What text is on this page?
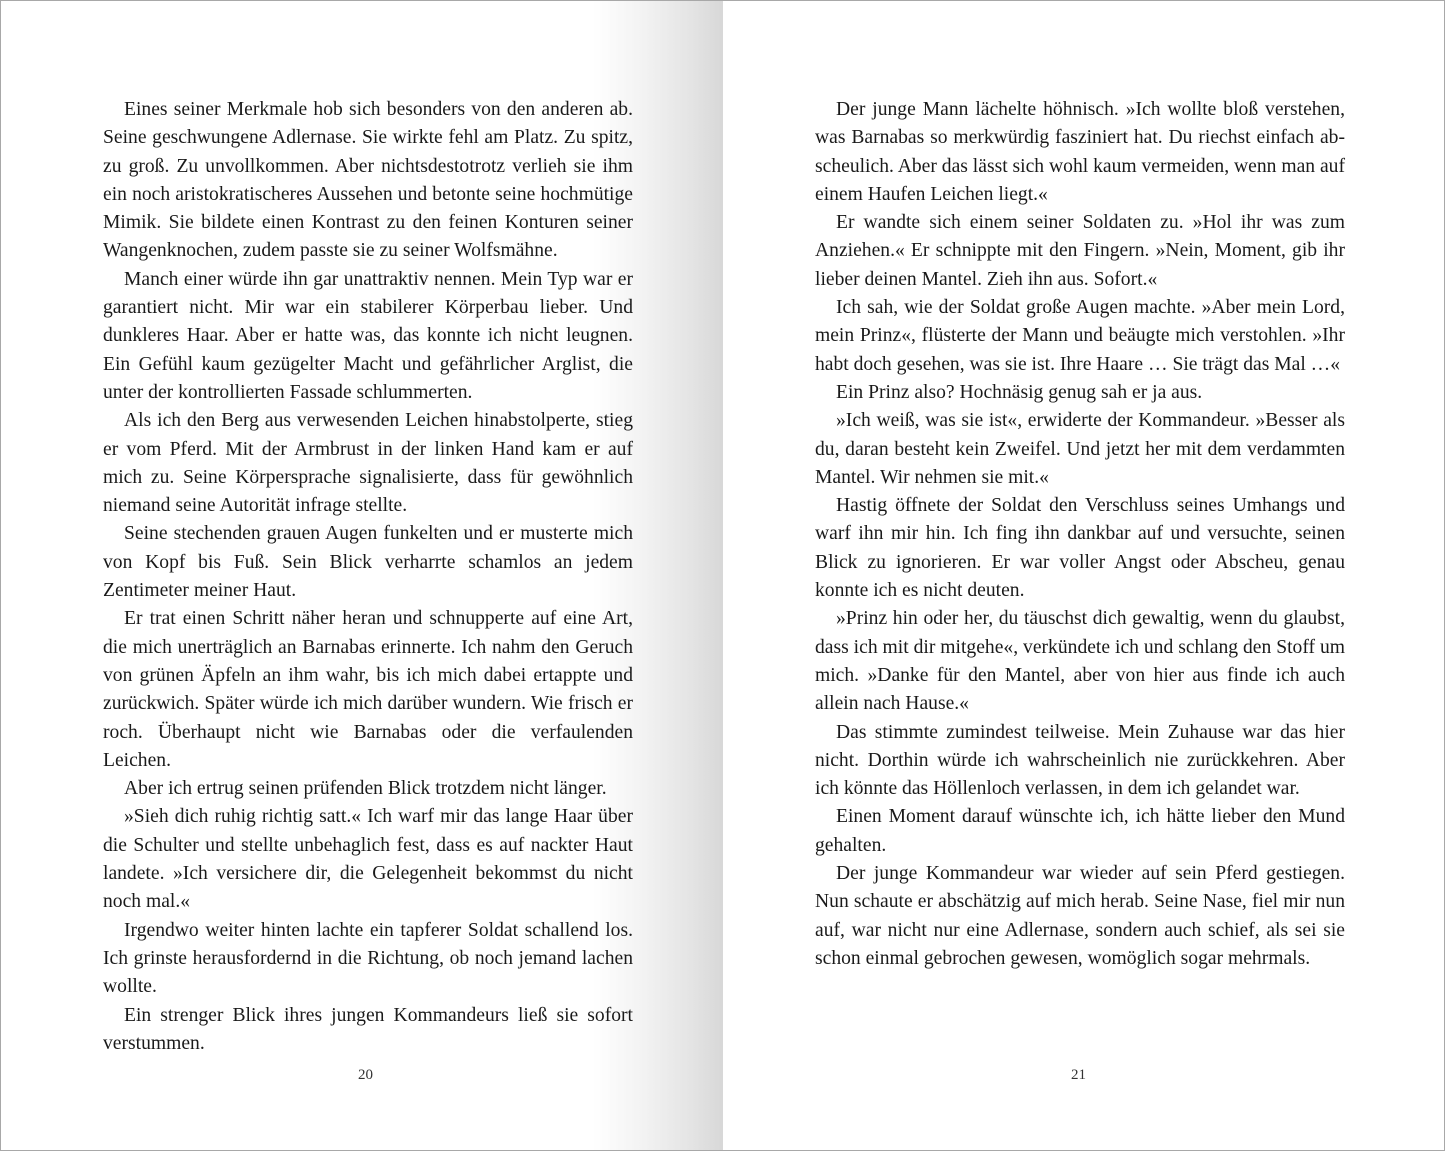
Eines seiner Merkmale hob sich besonders von den anderen ab. Seine geschwungene Adlernase. Sie wirkte fehl am Platz. Zu spitz, zu groß. Zu unvollkommen. Aber nichtsdestotrotz verlieh sie ihm ein noch aristokratischeres Aussehen und betonte seine hochmütige Mimik. Sie bildete einen Kontrast zu den feinen Konturen seiner Wangenknochen, zudem passte sie zu seiner Wolfsmähne.

Manch einer würde ihn gar unattraktiv nennen. Mein Typ war er garantiert nicht. Mir war ein stabilerer Körperbau lieber. Und dunkleres Haar. Aber er hatte was, das konnte ich nicht leugnen. Ein Gefühl kaum gezügelter Macht und gefährlicher Arglist, die unter der kontrollierten Fassade schlummerten.

Als ich den Berg aus verwesenden Leichen hinabstolperte, stieg er vom Pferd. Mit der Armbrust in der linken Hand kam er auf mich zu. Seine Körpersprache signalisierte, dass für gewöhnlich niemand seine Autorität infrage stellte.

Seine stechenden grauen Augen funkelten und er musterte mich von Kopf bis Fuß. Sein Blick verharrte schamlos an jedem Zentimeter meiner Haut.

Er trat einen Schritt näher heran und schnupperte auf eine Art, die mich unerträglich an Barnabas erinnerte. Ich nahm den Geruch von grünen Äpfeln an ihm wahr, bis ich mich dabei ertappte und zurückwich. Später würde ich mich darüber wundern. Wie frisch er roch. Überhaupt nicht wie Barnabas oder die verfaulenden Leichen.

Aber ich ertrug seinen prüfenden Blick trotzdem nicht länger.

»Sieh dich ruhig richtig satt.« Ich warf mir das lange Haar über die Schulter und stellte unbehaglich fest, dass es auf nackter Haut landete. »Ich versichere dir, die Gelegenheit bekommst du nicht noch mal.«

Irgendwo weiter hinten lachte ein tapferer Soldat schallend los. Ich grinste herausfordernd in die Richtung, ob noch jemand lachen wollte.

Ein strenger Blick ihres jungen Kommandeurs ließ sie sofort verstummen.

20

Der junge Mann lächelte höhnisch. »Ich wollte bloß verstehen, was Barnabas so merkwürdig fasziniert hat. Du riechst einfach abscheulich. Aber das lässt sich wohl kaum vermeiden, wenn man auf einem Haufen Leichen liegt.«

Er wandte sich einem seiner Soldaten zu. »Hol ihr was zum Anziehen.« Er schnippte mit den Fingern. »Nein, Moment, gib ihr lieber deinen Mantel. Zieh ihn aus. Sofort.«

Ich sah, wie der Soldat große Augen machte. »Aber mein Lord, mein Prinz«, flüsterte der Mann und beäugte mich verstohlen. »Ihr habt doch gesehen, was sie ist. Ihre Haare … Sie trägt das Mal …«

Ein Prinz also? Hochnäsig genug sah er ja aus.

»Ich weiß, was sie ist«, erwiderte der Kommandeur. »Besser als du, daran besteht kein Zweifel. Und jetzt her mit dem verdammten Mantel. Wir nehmen sie mit.«

Hastig öffnete der Soldat den Verschluss seines Umhangs und warf ihn mir hin. Ich fing ihn dankbar auf und versuchte, seinen Blick zu ignorieren. Er war voller Angst oder Abscheu, genau konnte ich es nicht deuten.

»Prinz hin oder her, du täuschst dich gewaltig, wenn du glaubst, dass ich mit dir mitgehe«, verkündete ich und schlang den Stoff um mich. »Danke für den Mantel, aber von hier aus finde ich auch allein nach Hause.«

Das stimmte zumindest teilweise. Mein Zuhause war das hier nicht. Dorthin würde ich wahrscheinlich nie zurückkehren. Aber ich könnte das Höllenloch verlassen, in dem ich gelandet war.

Einen Moment darauf wünschte ich, ich hätte lieber den Mund gehalten.

Der junge Kommandeur war wieder auf sein Pferd gestiegen. Nun schaute er abschätzig auf mich herab. Seine Nase, fiel mir nun auf, war nicht nur eine Adlernase, sondern auch schief, als sei sie schon einmal gebrochen gewesen, womöglich sogar mehrmals.

21
